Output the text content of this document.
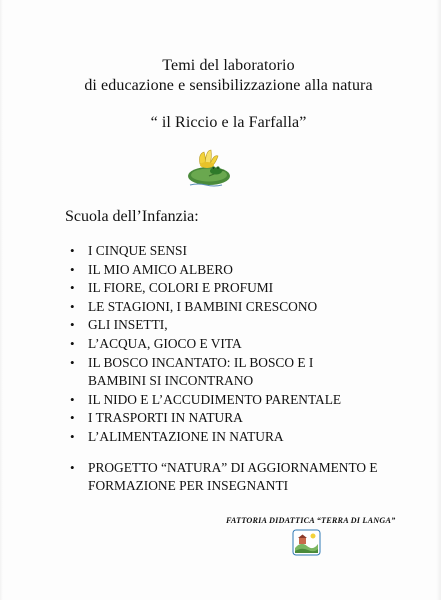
Temi del laboratorio
di educazione e sensibilizzazione alla natura
“ il Riccio e la Farfalla”
Scuola dell’Infanzia:
• I CINQUE SENSI
• IL MIO AMICO ALBERO
• IL FIORE, COLORI E PROFUMI
• LE STAGIONI, I BAMBINI CRESCONO
• GLI INSETTI,
• L’ACQUA, GIOCO E VITA
• IL BOSCO INCANTATO: IL BOSCO E I BAMBINI SI INCONTRANO
• IL NIDO E L’ACCUDIMENTO PARENTALE
• I TRASPORTI IN NATURA
• L’ALIMENTAZIONE IN NATURA
• PROGETTO “NATURA” DI AGGIORNAMENTO E FORMAZIONE PER INSEGNANTI
FATTORIA DIDATTICA “TERRA DI LANGA”
